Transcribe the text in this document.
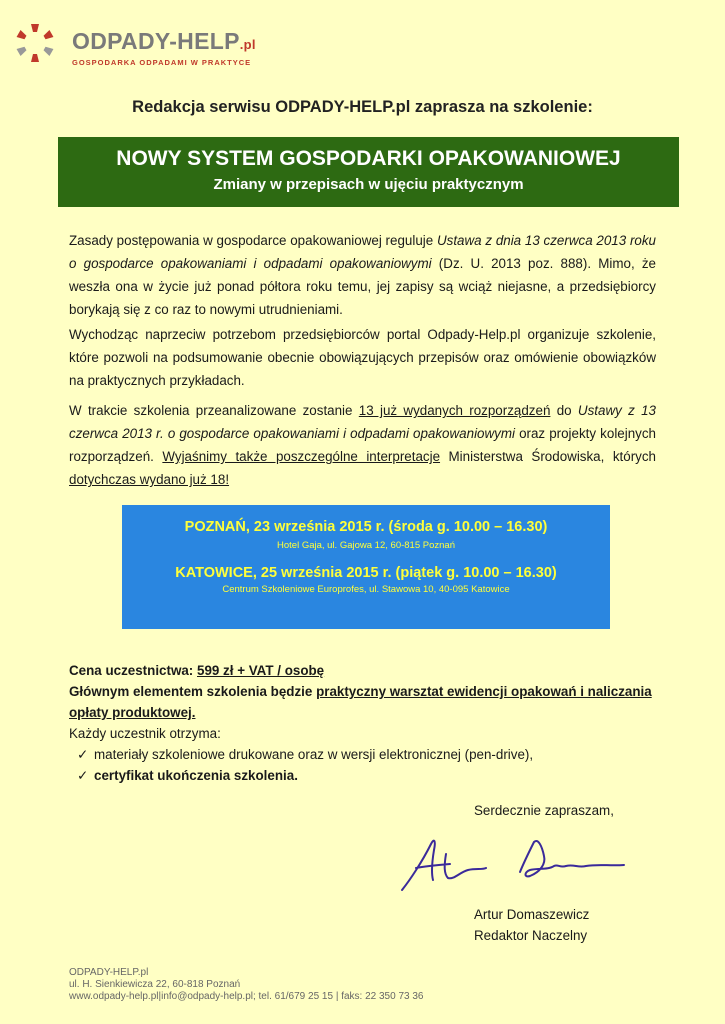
ODPADY-HELP.pl
GOSPODARKA ODPADAMI W PRAKTYCE
Redakcja serwisu ODPADY-HELP.pl zaprasza na szkolenie:
NOWY SYSTEM GOSPODARKI OPAKOWANIOWEJ
Zmiany w przepisach w ujęciu praktycznym
Zasady postępowania w gospodarce opakowaniowej reguluje Ustawa z dnia 13 czerwca 2013 roku o gospodarce opakowaniami i odpadami opakowaniowymi (Dz. U. 2013 poz. 888). Mimo, że weszła ona w życie już ponad półtora roku temu, jej zapisy są wciąż niejasne, a przedsiębiorcy borykają się z co raz to nowymi utrudnieniami.
Wychodząc naprzeciw potrzebom przedsiębiorców portal Odpady-Help.pl organizuje szkolenie, które pozwoli na podsumowanie obecnie obowiązujących przepisów oraz omówienie obowiązków na praktycznych przykładach.
W trakcie szkolenia przeanalizowane zostanie 13 już wydanych rozporządzeń do Ustawy z 13 czerwca 2013 r. o gospodarce opakowaniami i odpadami opakowaniowymi oraz projekty kolejnych rozporządzeń. Wyjaśnimy także poszczególne interpretacje Ministerstwa Środowiska, których dotychczas wydano już 18!
POZNAŃ, 23 września 2015 r. (środa g. 10.00 – 16.30)
Hotel Gaja, ul. Gajowa 12, 60-815 Poznań
KATOWICE, 25 września 2015 r. (piątek g. 10.00 – 16.30)
Centrum Szkoleniowe Europrofes, ul. Stawowa 10, 40-095 Katowice
Cena uczestnictwa: 599 zł + VAT / osobę
Głównym elementem szkolenia będzie praktyczny warsztat ewidencji opakowań i naliczania opłaty produktowej.
Każdy uczestnik otrzyma:
✓ materiały szkoleniowe drukowane oraz w wersji elektronicznej (pen-drive),
✓ certyfikat ukończenia szkolenia.
Serdecznie zapraszam,
Artur Domaszewicz
Redaktor Naczelny
ODPADY-HELP.pl
ul. H. Sienkiewicza 22, 60-818 Poznań
www.odpady-help.pl|info@odpady-help.pl; tel. 61/679 25 15 | faks: 22 350 73 36
